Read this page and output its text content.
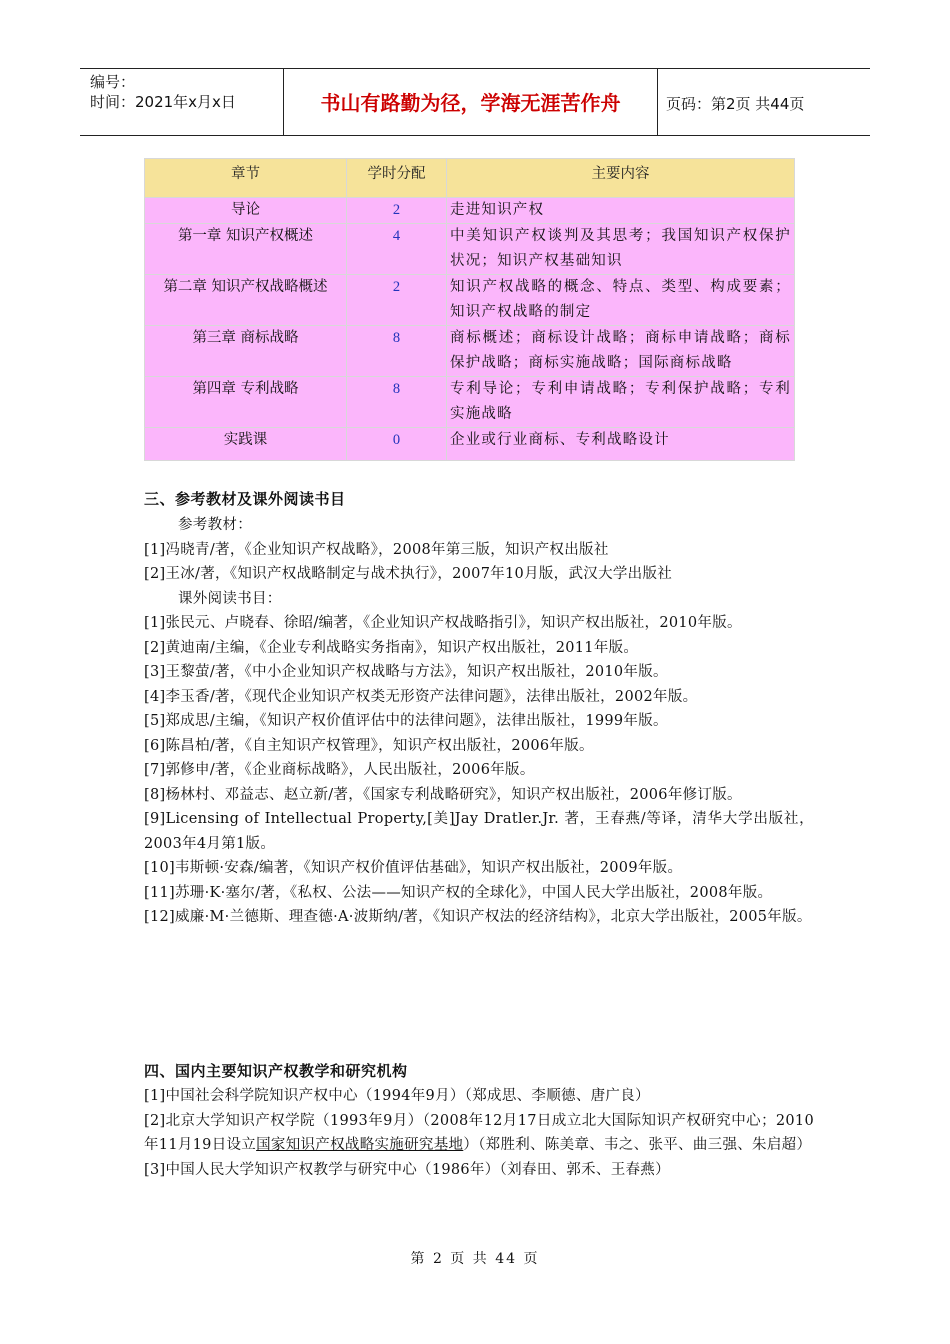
编号：
时间：2021年x月x日	书山有路勤为径，学海无涯苦作舟	页码：第2页 共44页
章节	学时分配	主要内容
导论	2	走进知识产权
第一章 知识产权概述	4	中美知识产权谈判及其思考；我国知识产权保护状况；知识产权基础知识
第二章 知识产权战略概述	2	知识产权战略的概念、特点、类型、构成要素；知识产权战略的制定
第三章 商标战略	8	商标概述；商标设计战略；商标申请战略；商标保护战略；商标实施战略；国际商标战略
第四章 专利战略	8	专利导论；专利申请战略；专利保护战略；专利实施战略
实践课	0	企业或行业商标、专利战略设计
三、参考教材及课外阅读书目
参考教材：
[1]冯晓青/著，《企业知识产权战略》，2008年第三版，知识产权出版社
[2]王冰/著，《知识产权战略制定与战术执行》，2007年10月版，武汉大学出版社
课外阅读书目：
[1]张民元、卢晓春、徐昭/编著，《企业知识产权战略指引》，知识产权出版社，2010年版。
[2]黄迪南/主编，《企业专利战略实务指南》，知识产权出版社，2011年版。
[3]王黎萤/著，《中小企业知识产权战略与方法》，知识产权出版社，2010年版。
[4]李玉香/著，《现代企业知识产权类无形资产法律问题》，法律出版社，2002年版。
[5]郑成思/主编，《知识产权价值评估中的法律问题》，法律出版社，1999年版。
[6]陈昌柏/著，《自主知识产权管理》，知识产权出版社，2006年版。
[7]郭修申/著，《企业商标战略》，人民出版社，2006年版。
[8]杨林村、邓益志、赵立新/著，《国家专利战略研究》，知识产权出版社，2006年修订版。
[9]Licensing of Intellectual Property,[美]Jay Dratler.Jr. 著，王春燕/等译，清华大学出版社，2003年4月第1版。
[10]韦斯顿·安森/编著，《知识产权价值评估基础》，知识产权出版社，2009年版。
[11]苏珊·K·塞尔/著，《私权、公法——知识产权的全球化》，中国人民大学出版社，2008年版。
[12]威廉·M·兰德斯、理查德·A·波斯纳/著，《知识产权法的经济结构》，北京大学出版社，2005年版。
四、国内主要知识产权教学和研究机构
[1]中国社会科学院知识产权中心（1994年9月）（郑成思、李顺德、唐广良）
[2]北京大学知识产权学院（1993年9月）（2008年12月17日成立北大国际知识产权研究中心；2010年11月19日设立国家知识产权战略实施研究基地）（郑胜利、陈美章、韦之、张平、曲三强、朱启超）
[3]中国人民大学知识产权教学与研究中心（1986年）（刘春田、郭禾、王春燕）
第 2 页 共 44 页
